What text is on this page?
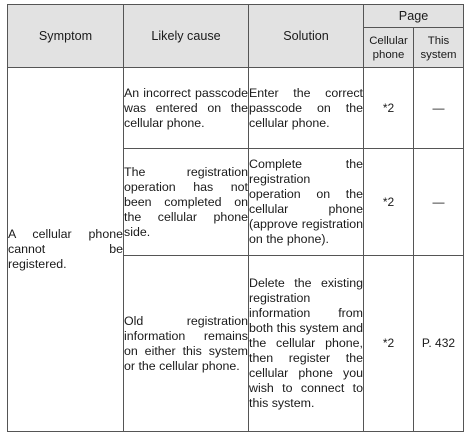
Symptom	Likely cause	Solution	Page	
			Cellular phone	This system
A cellular phone cannot be registered.	An incorrect passcode was entered on the cellular phone.	Enter the correct passcode on the cellular phone.	*2	—
	The registration operation has not been completed on the cellular phone side.	Complete the registration operation on the cellular phone (approve registration on the phone).	*2	—
	Old registration information remains on either this system or the cellular phone.	Delete the existing registration information from both this system and the cellular phone, then register the cellular phone you wish to connect to this system.	*2	P. 432
